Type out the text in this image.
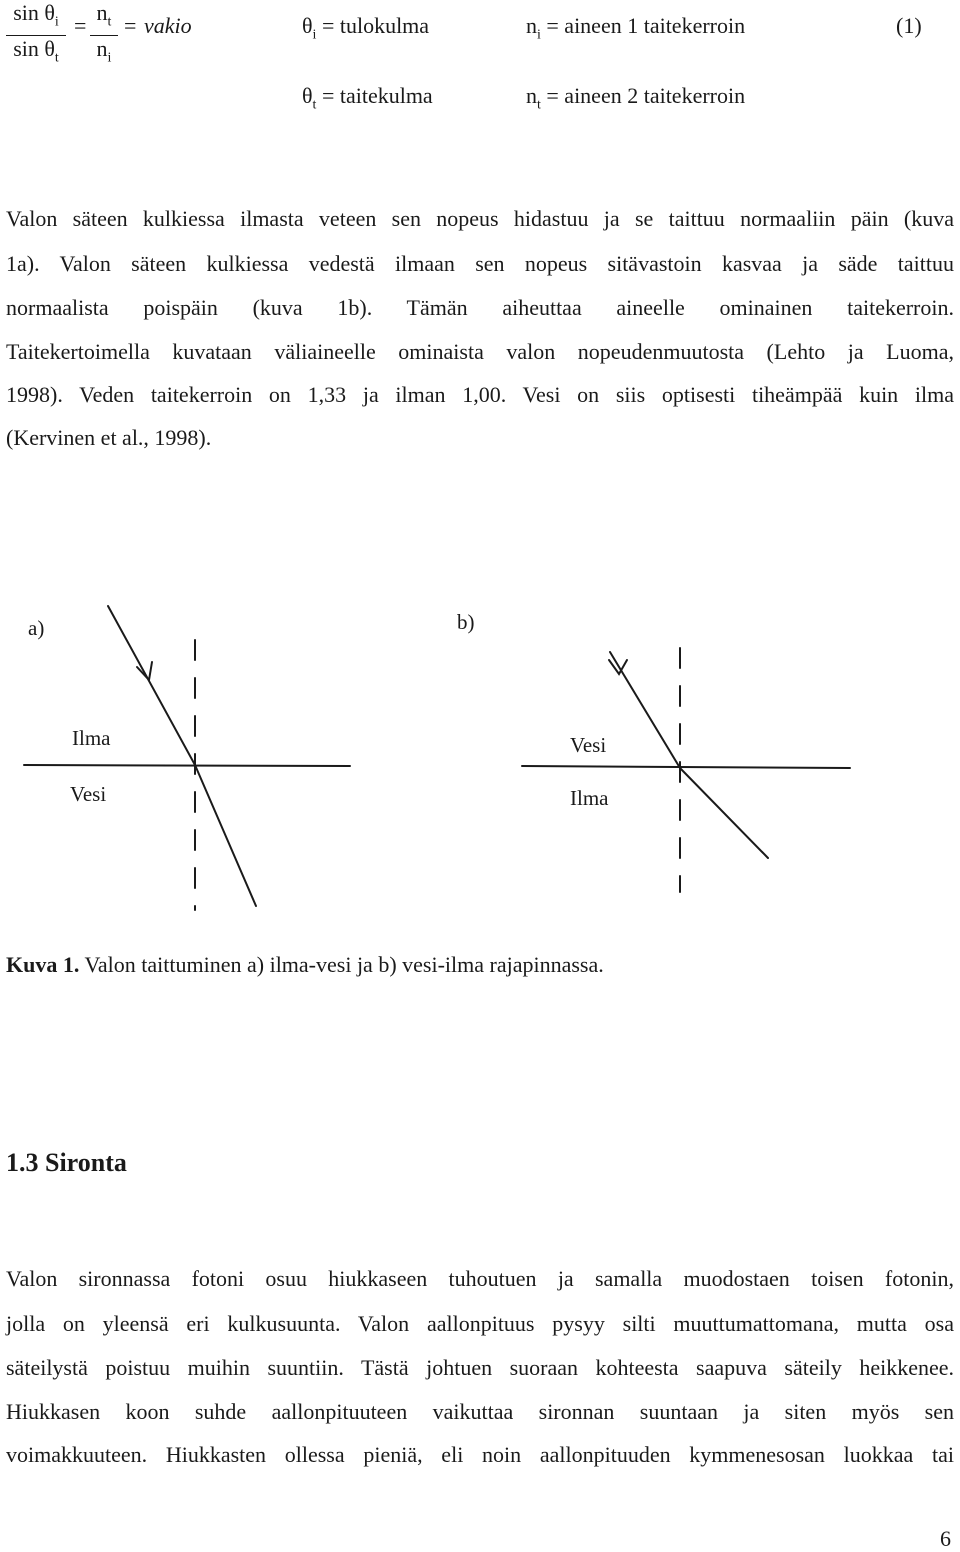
$\sin \theta_i$
$\sin \theta_t$
=
$n_t$
$n_i$
= vakio	$\theta_i$ = tulokulma	$n_i$ = aineen 1 taitekerroin	(1)
$\theta_t$ = taitekulma	$n_t$ = aineen 2 taitekerroin
Valon säteen kulkiessa ilmasta veteen sen nopeus hidastuu ja se taittuu normaaliin päin (kuva
1a). Valon säteen kulkiessa vedestä ilmaan sen nopeus sitävastoin kasvaa ja säde taittuu
normaalista poispäin (kuva 1b). Tämän aiheuttaa aineelle ominainen taitekerroin.
Taitekertoimella kuvataan väliaineelle ominaista valon nopeudenmuutosta (Lehto ja Luoma,
1998). Veden taitekerroin on 1,33 ja ilman 1,00. Vesi on siis optisesti tiheämpää kuin ilma
(Kervinen et al., 1998).
a)	b)
Ilma
Vesi
Vesi
Ilma
Kuva 1. Valon taittuminen a) ilma-vesi ja b) vesi-ilma rajapinnassa.
1.3 Sironta
Valon sironnassa fotoni osuu hiukkaseen tuhoutuen ja samalla muodostaen toisen fotonin,
jolla on yleensä eri kulkusuunta. Valon aallonpituus pysyy silti muuttumattomana, mutta osa
säteilystä poistuu muihin suuntiin. Tästä johtuen suoraan kohteesta saapuva säteily heikkenee.
Hiukkasen koon suhde aallonpituuteen vaikuttaa sironnan suuntaan ja siten myös sen
voimakkuuteen. Hiukkasten ollessa pieniä, eli noin aallonpituuden kymmenesosan luokkaa tai
6
